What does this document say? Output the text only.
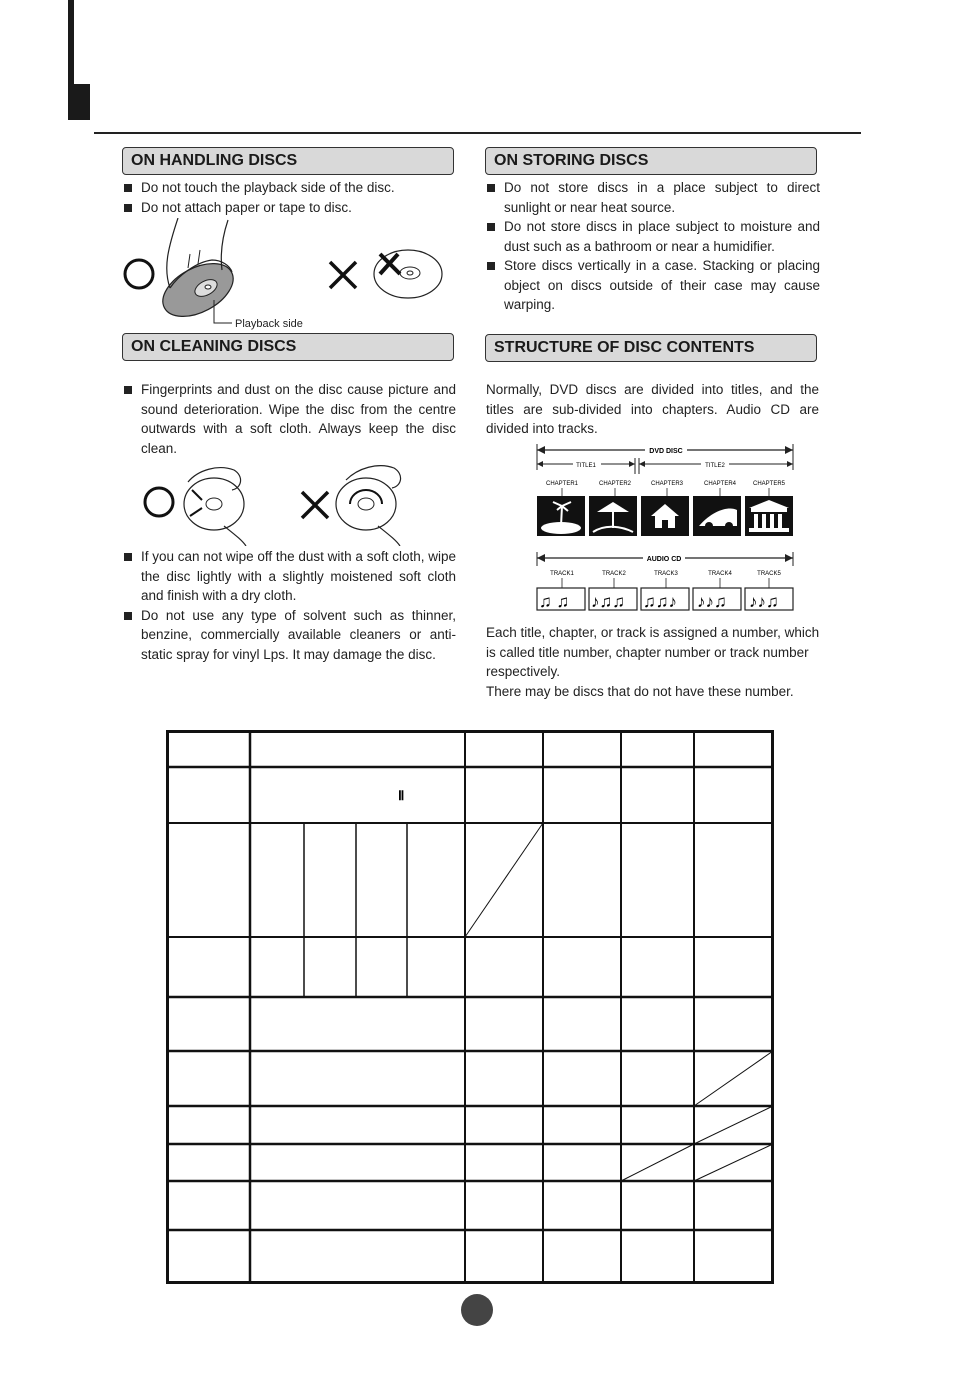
ON HANDLING DISCS
Do not touch the playback side of the disc.
Do not attach paper or tape to disc.
Playback side
ON CLEANING DISCS
Fingerprints and dust on the disc cause picture and sound deterioration. Wipe the disc from the centre outwards with a soft cloth. Always keep the disc clean.
If you can not wipe off the dust with a soft cloth, wipe the disc lightly with a slightly moistened soft cloth and finish with a dry cloth.
Do not use any type of solvent such as thinner, benzine, commercially available cleaners or anti-static spray for vinyl Lps. It may damage the disc.
ON STORING DISCS
Do not store discs in a place subject to direct sunlight or near heat source.
Do not store discs in place subject to moisture and dust such as a bathroom or near a humidifier.
Store discs vertically in a case. Stacking or placing object on discs outside of their case may cause warping.
STRUCTURE OF DISC CONTENTS
Normally, DVD discs are divided into titles, and the titles are sub-divided into chapters. Audio CD are divided into tracks.
DVD DISC
TITLE1	TITLE2
CHAPTER1	CHAPTER2	CHAPTER3	CHAPTER4	CHAPTER5
AUDIO CD
TRACK1	TRACK2	TRACK3	TRACK4	TRACK5
♫ ♫ ♪♫♫ ♫♫♪ ♪♪♫ ♪♪♫
Each title, chapter, or track is assigned a number, which is called title number, chapter number or track number respectively.
There may be discs that do not have these number.
Ⅱ
